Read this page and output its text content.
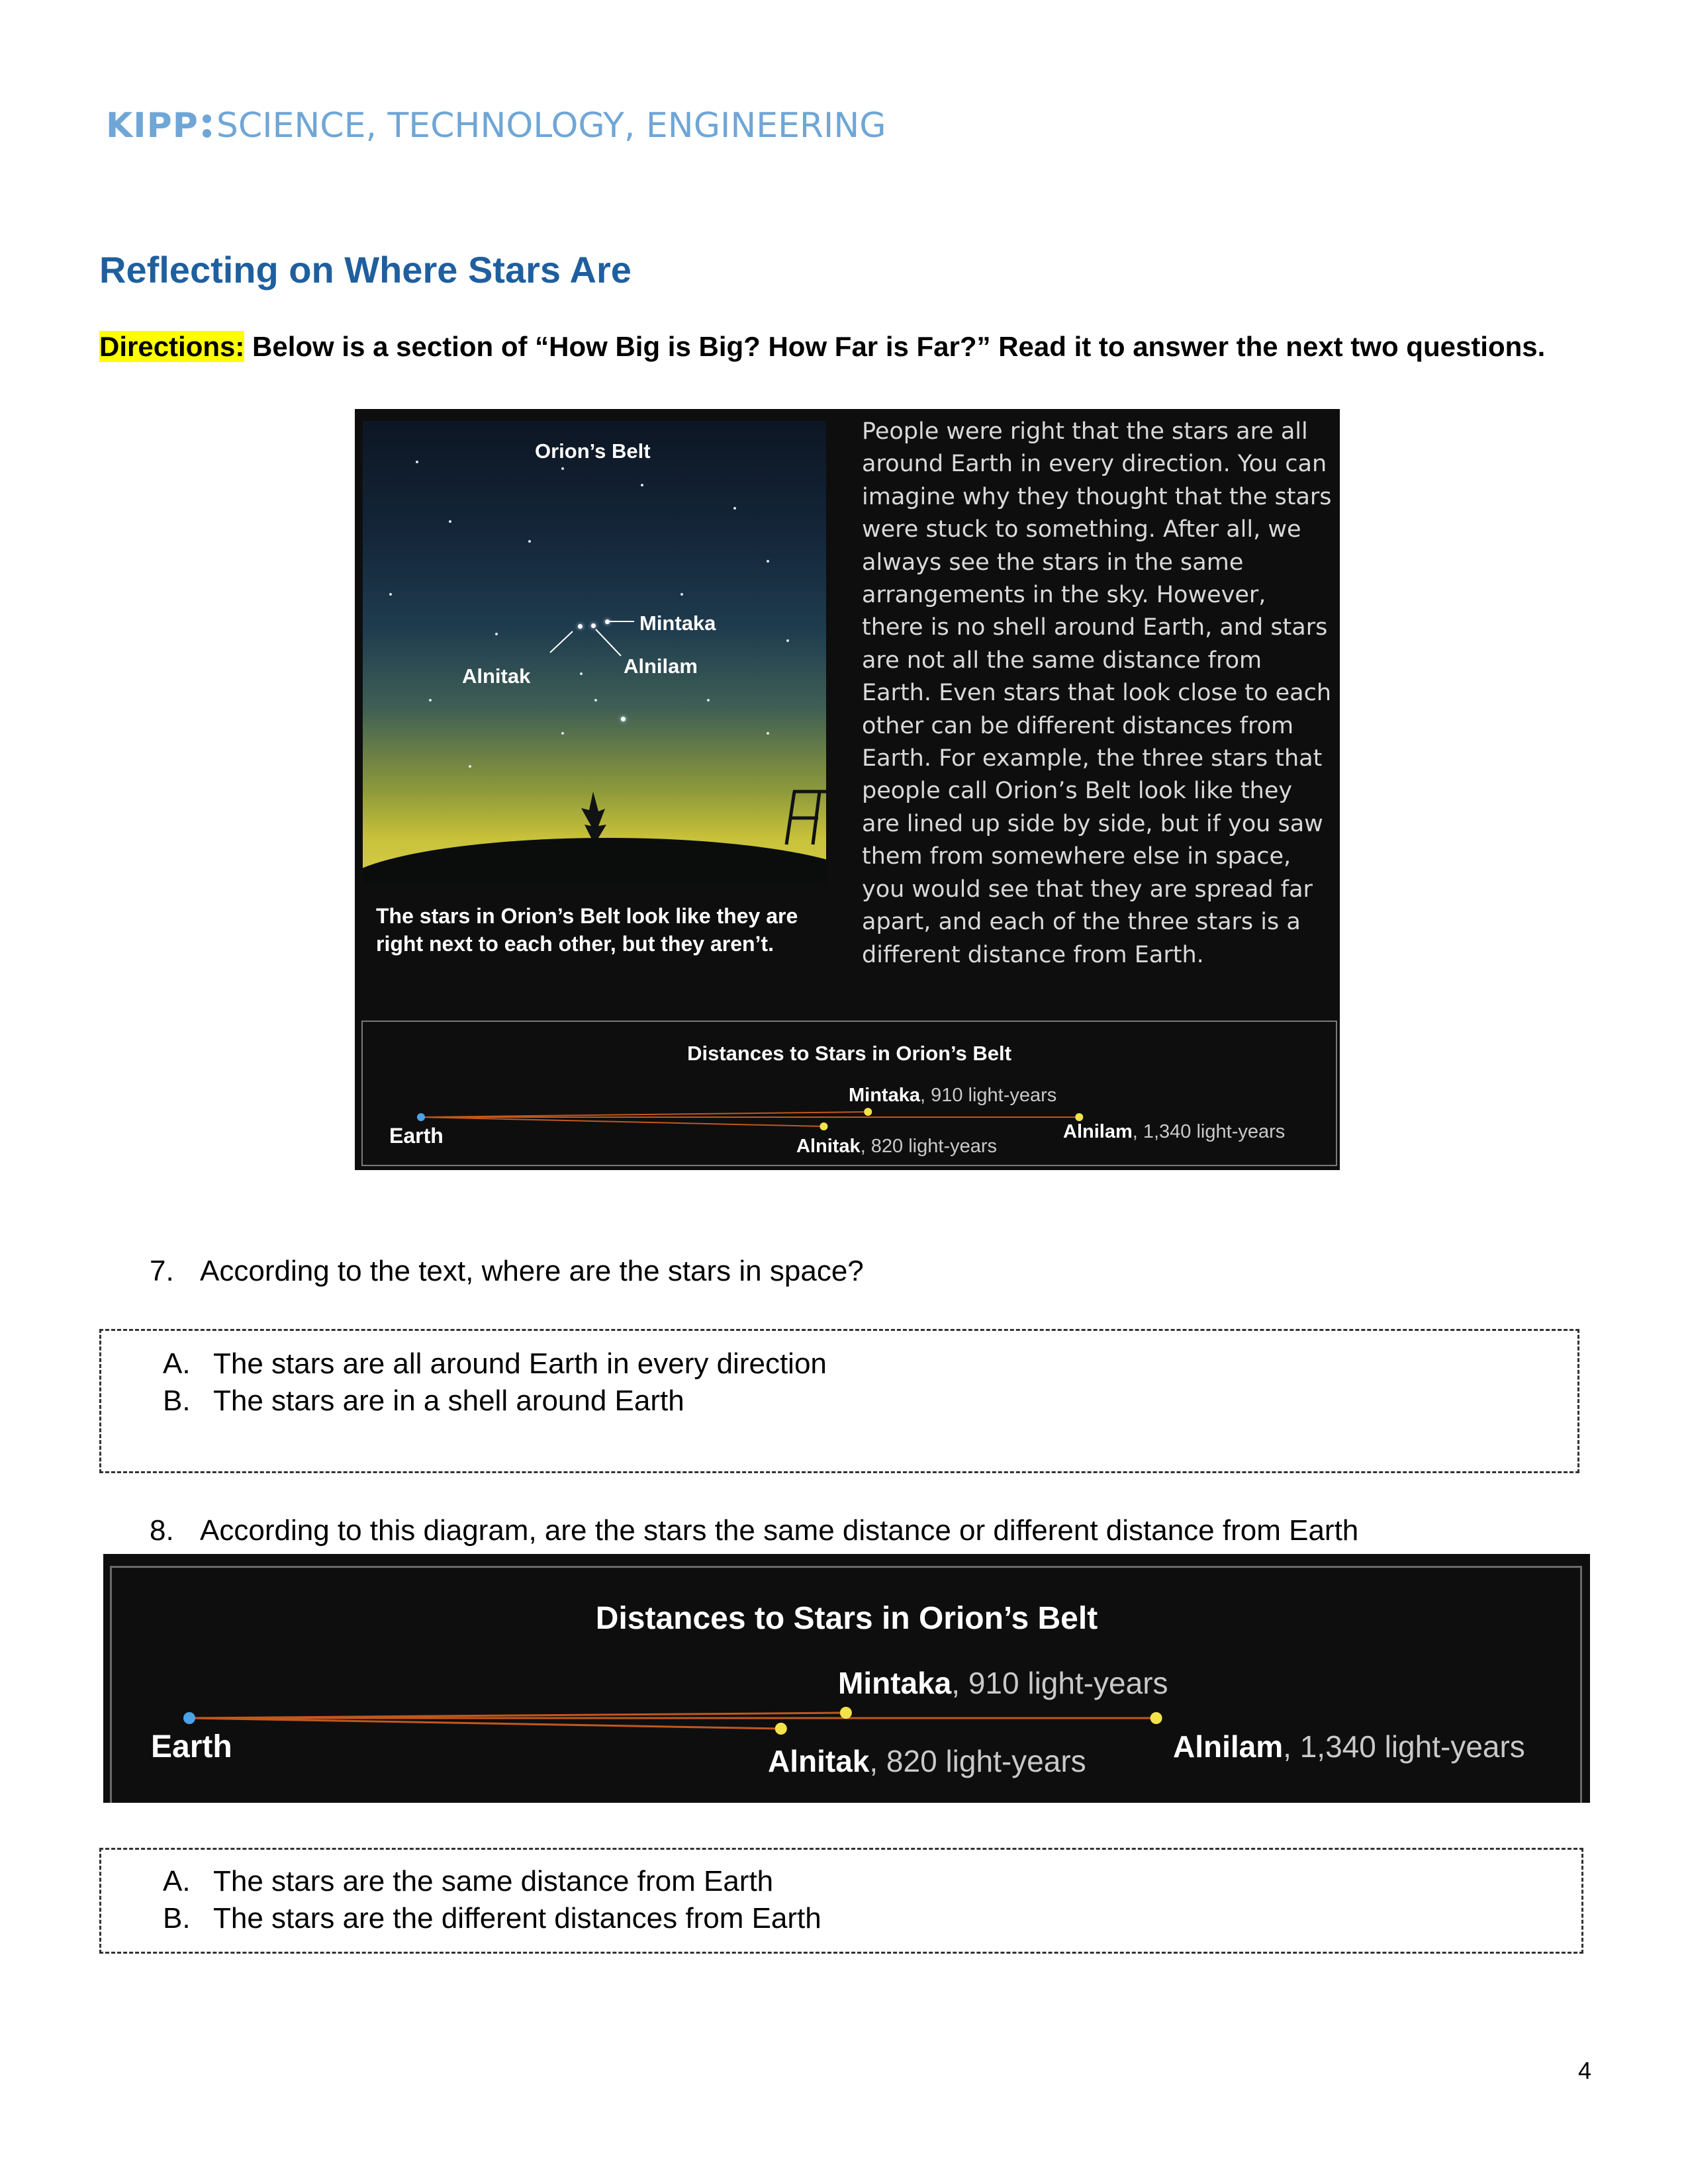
KIPP SCIENCE, TECHNOLOGY, ENGINEERING
Reflecting on Where Stars Are
Directions: Below is a section of “How Big is Big? How Far is Far?” Read it to answer the next two questions.
Orion’s Belt
Mintaka
Alnitak	Alnilam
The stars in Orion’s Belt look like they are right next to each other, but they aren’t.
People were right that the stars are all around Earth in every direction. You can imagine why they thought that the stars were stuck to something. After all, we always see the stars in the same arrangements in the sky. However, there is no shell around Earth, and stars are not all the same distance from Earth. Even stars that look close to each other can be different distances from Earth. For example, the three stars that people call Orion’s Belt look like they are lined up side by side, but if you saw them from somewhere else in space, you would see that they are spread far apart, and each of the three stars is a different distance from Earth.
Distances to Stars in Orion’s Belt
Earth
Mintaka, 910 light-years
Alnitak, 820 light-years
Alnilam, 1,340 light-years
7. According to the text, where are the stars in space?
A. The stars are all around Earth in every direction
B. The stars are in a shell around Earth
8. According to this diagram, are the stars the same distance or different distance from Earth
Distances to Stars in Orion’s Belt
Earth
Mintaka, 910 light-years
Alnitak, 820 light-years	Alnilam, 1,340 light-years
A. The stars are the same distance from Earth
B. The stars are the different distances from Earth
4
